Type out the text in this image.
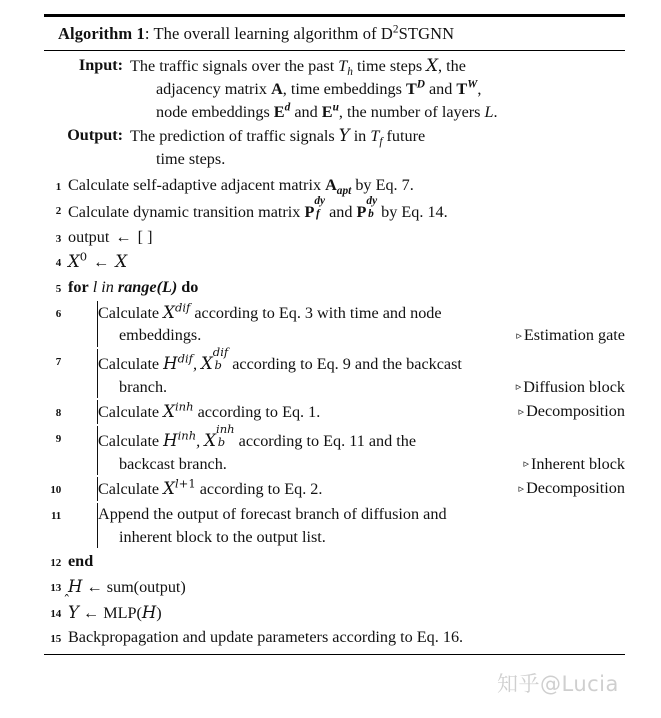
Algorithm 1: The overall learning algorithm of $D^2STGNN$
Input: The traffic signals over the past $T_h$ time steps X, the
adjacency matrix A, time embeddings $T^D$ and $T^W$,
node embeddings $E^d$ and $E^u$, the number of layers L.
Output: The prediction of traffic signals Y in $T_f$ future
time steps.
1 Calculate self-adaptive adjacent matrix $A_{apt}$ by Eq. 7.
2 Calculate dynamic transition matrix P
dy
f and P
dy
b by Eq. 14.
3 output ← [ ]
4 $X^0$ ← X
5 for l in range(L) do
6	Calculate $X^{dif}$ according to Eq. 3 with time and node
▹ Estimation gate
embeddings.
7	Calculate $H^{dif}$, X
dif
b according to Eq. 9 and the backcast
▹ Diffusion block
branch.
8	▹ Decomposition
Calculate $X^{inh}$ according to Eq. 1.
9	Calculate $H^{inh}$, X
inh
b according to Eq. 11 and the
▹ Inherent block
backcast branch.
10	▹ Decomposition
Calculate $X^{l+1}$ according to Eq. 2.
11	Append the output of forecast branch of diffusion and
inherent block to the output list.
12 end
13 H ← sum(output)
14 Y ← MLP(H)
15 Backpropagation and update parameters according to Eq. 16.
知乎@Lucia
